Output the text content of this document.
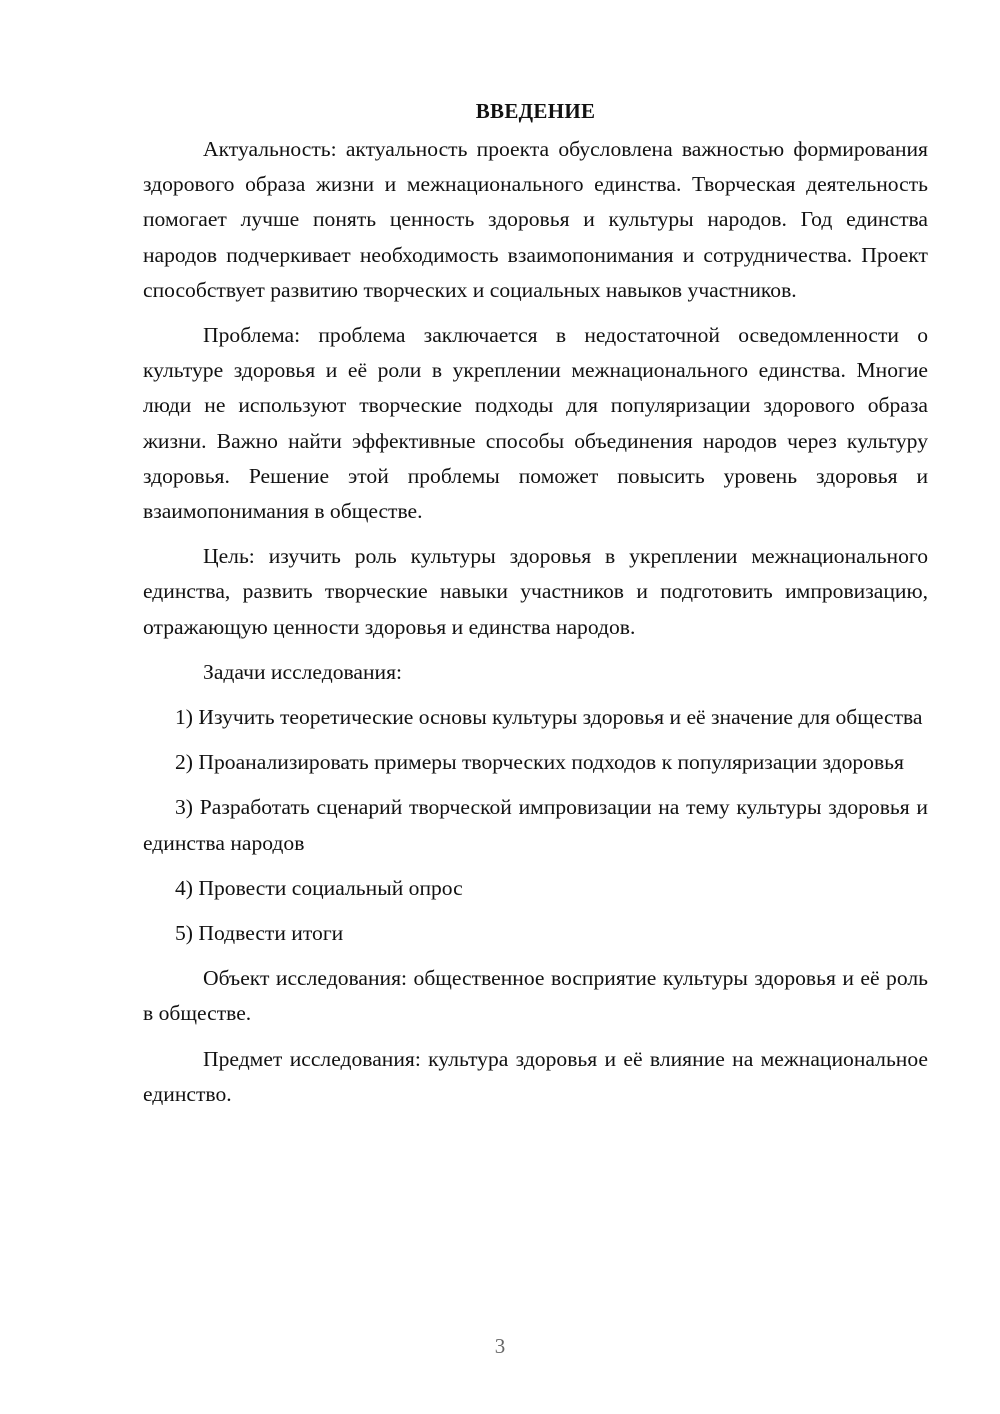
ВВЕДЕНИЕ

Актуальность: актуальность проекта обусловлена важностью формирования здорового образа жизни и межнационального единства. Творческая деятельность помогает лучше понять ценность здоровья и культуры народов. Год единства народов подчеркивает необходимость взаимопонимания и сотрудничества. Проект способствует развитию творческих и социальных навыков участников.

Проблема: проблема заключается в недостаточной осведомленности о культуре здоровья и её роли в укреплении межнационального единства. Многие люди не используют творческие подходы для популяризации здорового образа жизни. Важно найти эффективные способы объединения народов через культуру здоровья. Решение этой проблемы поможет повысить уровень здоровья и взаимопонимания в обществе.

Цель: изучить роль культуры здоровья в укреплении межнационального единства, развить творческие навыки участников и подготовить импровизацию, отражающую ценности здоровья и единства народов.

Задачи исследования:

1) Изучить теоретические основы культуры здоровья и её значение для общества

2) Проанализировать примеры творческих подходов к популяризации здоровья

3) Разработать сценарий творческой импровизации на тему культуры здоровья и единства народов

4) Провести социальный опрос

5) Подвести итоги

Объект исследования: общественное восприятие культуры здоровья и её роль в обществе.

Предмет исследования: культура здоровья и её влияние на межнациональное единство.

3
